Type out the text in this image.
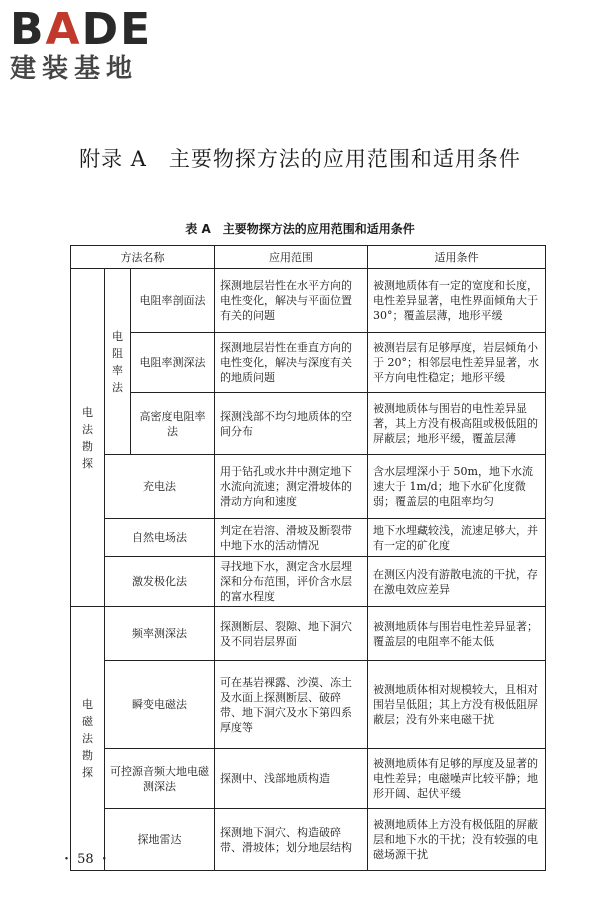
BADE
建装基地
附录 A　主要物探方法的应用范围和适用条件
表 A　主要物探方法的应用范围和适用条件
方法名称			应用范围	适用条件

电法勘探	电阻率法	电阻率剖面法	探测地层岩性在水平方向的电性变化，解决与平面位置有关的问题	被测地质体有一定的宽度和长度，电性差异显著，电性界面倾角大于 30°；覆盖层薄，地形平缓
		电阻率测深法	探测地层岩性在垂直方向的电性变化，解决与深度有关的地质问题	被测岩层有足够厚度，岩层倾角小于 20°；相邻层电性差异显著，水平方向电性稳定；地形平缓
		高密度电阻率法	探测浅部不均匀地质体的空间分布	被测地质体与围岩的电性差异显著，其上方没有极高阻或极低阻的屏蔽层；地形平缓，覆盖层薄
	充电法		用于钻孔或水井中测定地下水流向流速；测定滑坡体的滑动方向和速度	含水层埋深小于 50m，地下水流速大于 1m/d；地下水矿化度微弱；覆盖层的电阻率均匀
	自然电场法		判定在岩溶、滑坡及断裂带中地下水的活动情况	地下水埋藏较浅，流速足够大，并有一定的矿化度
	激发极化法		寻找地下水，测定含水层埋深和分布范围，评价含水层的富水程度	在测区内没有游散电流的干扰，存在激电效应差异

电磁法勘探	频率测深法		探测断层、裂隙、地下洞穴及不同岩层界面	被测地质体与围岩电性差异显著；覆盖层的电阻率不能太低
	瞬变电磁法		可在基岩裸露、沙漠、冻土及水面上探测断层、破碎带、地下洞穴及水下第四系厚度等	被测地质体相对规模较大，且相对围岩呈低阻；其上方没有极低阻屏蔽层；没有外来电磁干扰
	可控源音频大地电磁测深法		探测中、浅部地质构造	被测地质体有足够的厚度及显著的电性差异；电磁噪声比较平静；地形开阔、起伏平缓
	探地雷达		探测地下洞穴、构造破碎带、滑坡体；划分地层结构	被测地质体上方没有极低阻的屏蔽层和地下水的干扰；没有较强的电磁场源干扰
・ 58 ・
